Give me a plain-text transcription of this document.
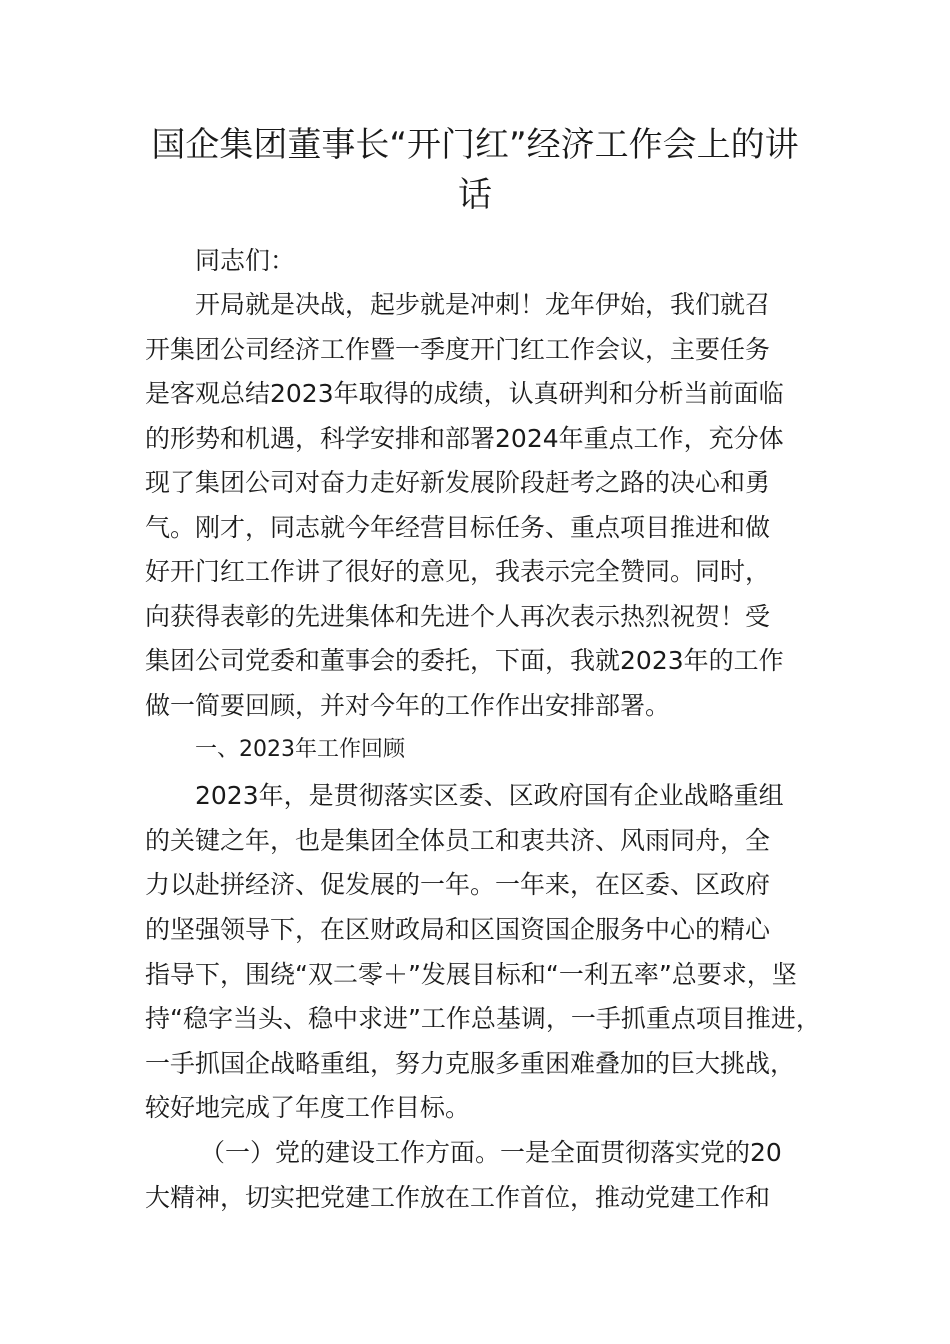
国企集团董事长“开门红”经济工作会上的讲
话

同志们：

开局就是决战，起步就是冲刺！龙年伊始，我们就召

开集团公司经济工作暨一季度开门红工作会议，主要任务

是客观总结2023年取得的成绩，认真研判和分析当前面临

的形势和机遇，科学安排和部署2024年重点工作，充分体

现了集团公司对奋力走好新发展阶段赶考之路的决心和勇

气。刚才，同志就今年经营目标任务、重点项目推进和做

好开门红工作讲了很好的意见，我表示完全赞同。同时，

向获得表彰的先进集体和先进个人再次表示热烈祝贺！受

集团公司党委和董事会的委托，下面，我就2023年的工作

做一简要回顾，并对今年的工作作出安排部署。

一、2023年工作回顾

2023年，是贯彻落实区委、区政府国有企业战略重组

的关键之年，也是集团全体员工和衷共济、风雨同舟，全

力以赴拼经济、促发展的一年。一年来，在区委、区政府

的坚强领导下，在区财政局和区国资国企服务中心的精心

指导下，围绕“双二零＋”发展目标和“一利五率”总要求，坚

持“稳字当头、稳中求进”工作总基调，一手抓重点项目推进，

一手抓国企战略重组，努力克服多重困难叠加的巨大挑战，

较好地完成了年度工作目标。

（一）党的建设工作方面。一是全面贯彻落实党的20

大精神，切实把党建工作放在工作首位，推动党建工作和
